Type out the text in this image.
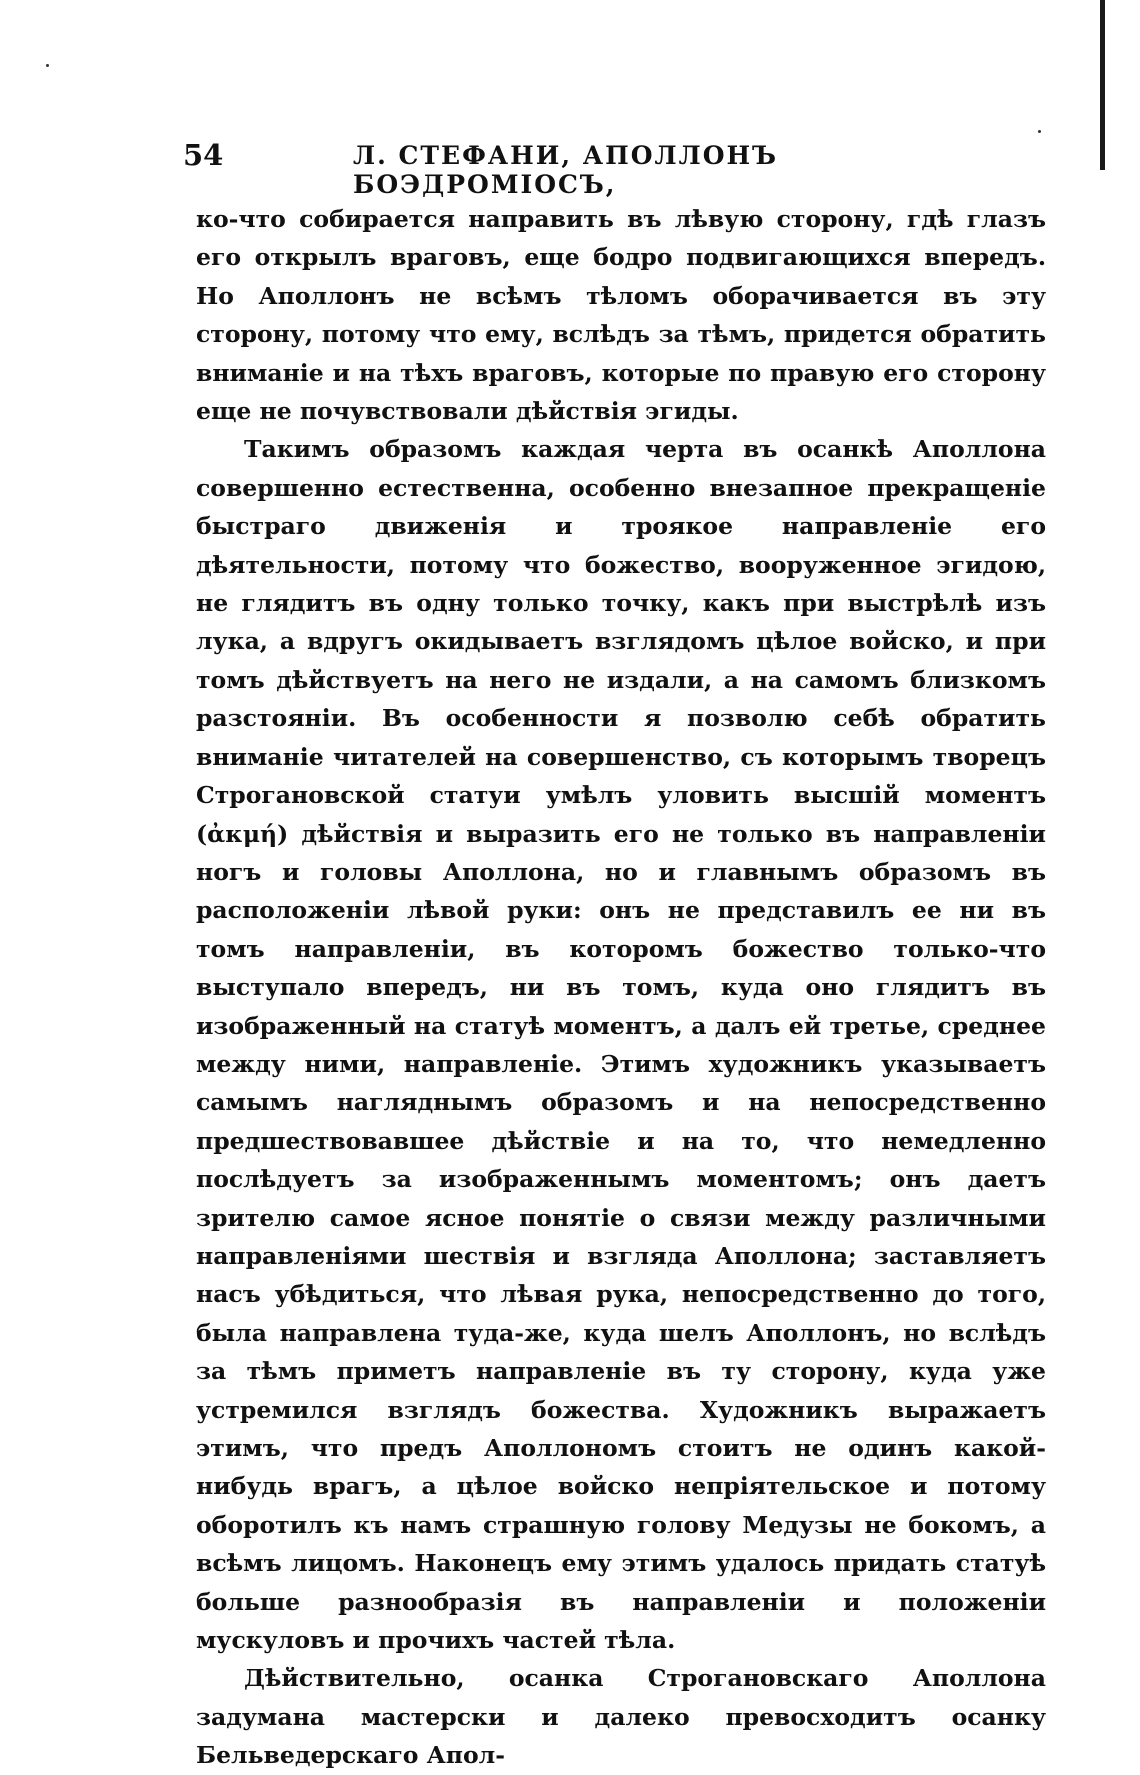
54	Л. СТЕФАНИ, АПОЛЛОНЪ БОЭДРОМІОСЪ,

ко-что собирается направить въ лѣвую сторону, гдѣ глазъ его открылъ враговъ, еще бодро подвигающихся впередъ. Но Аполлонъ не всѣмъ тѣломъ оборачивается въ эту сторону, потому что ему, вслѣдъ за тѣмъ, придется обратить вниманіе и на тѣхъ враговъ, которые по правую его сторону еще не почувствовали дѣйствія эгиды.

Такимъ образомъ каждая черта въ осанкѣ Аполлона совершенно естественна, особенно внезапное прекращеніе быстраго движенія и троякое направленіе его дѣятельности, потому что божество, вооруженное эгидою, не глядитъ въ одну только точку, какъ при выстрѣлѣ изъ лука, а вдругъ окидываетъ взглядомъ цѣлое войско, и при томъ дѣйствуетъ на него не издали, а на самомъ близкомъ разстояніи. Въ особенности я позволю себѣ обратить вниманіе читателей на совершенство, съ которымъ творецъ Строгановской статуи умѣлъ уловить высшій моментъ (ἀκμή) дѣйствія и выразить его не только въ направленіи ногъ и головы Аполлона, но и главнымъ образомъ въ расположеніи лѣвой руки: онъ не представилъ ее ни въ томъ направленіи, въ которомъ божество только-что выступало впередъ, ни въ томъ, куда оно глядитъ въ изображенный на статуѣ моментъ, а далъ ей третье, среднее между ними, направленіе. Этимъ художникъ указываетъ самымъ нагляднымъ образомъ и на непосредственно предшествовавшее дѣйствіе и на то, что немедленно послѣдуетъ за изображеннымъ моментомъ; онъ даетъ зрителю самое ясное понятіе о связи между различными направленіями шествія и взгляда Аполлона; заставляетъ насъ убѣдиться, что лѣвая рука, непосредственно до того, была направлена туда-же, куда шелъ Аполлонъ, но вслѣдъ за тѣмъ приметъ направленіе въ ту сторону, куда уже устремился взглядъ божества. Художникъ выражаетъ этимъ, что предъ Аполлономъ стоитъ не одинъ какой-нибудь врагъ, а цѣлое войско непріятельское и потому оборотилъ къ намъ страшную голову Медузы не бокомъ, а всѣмъ лицомъ. Наконецъ ему этимъ удалось придать статуѣ больше разнообразія въ направленіи и положеніи мускуловъ и прочихъ частей тѣла.

Дѣйствительно, осанка Строгановскаго Аполлона задумана мастерски и далеко превосходитъ осанку Бельведерскаго Апол-
